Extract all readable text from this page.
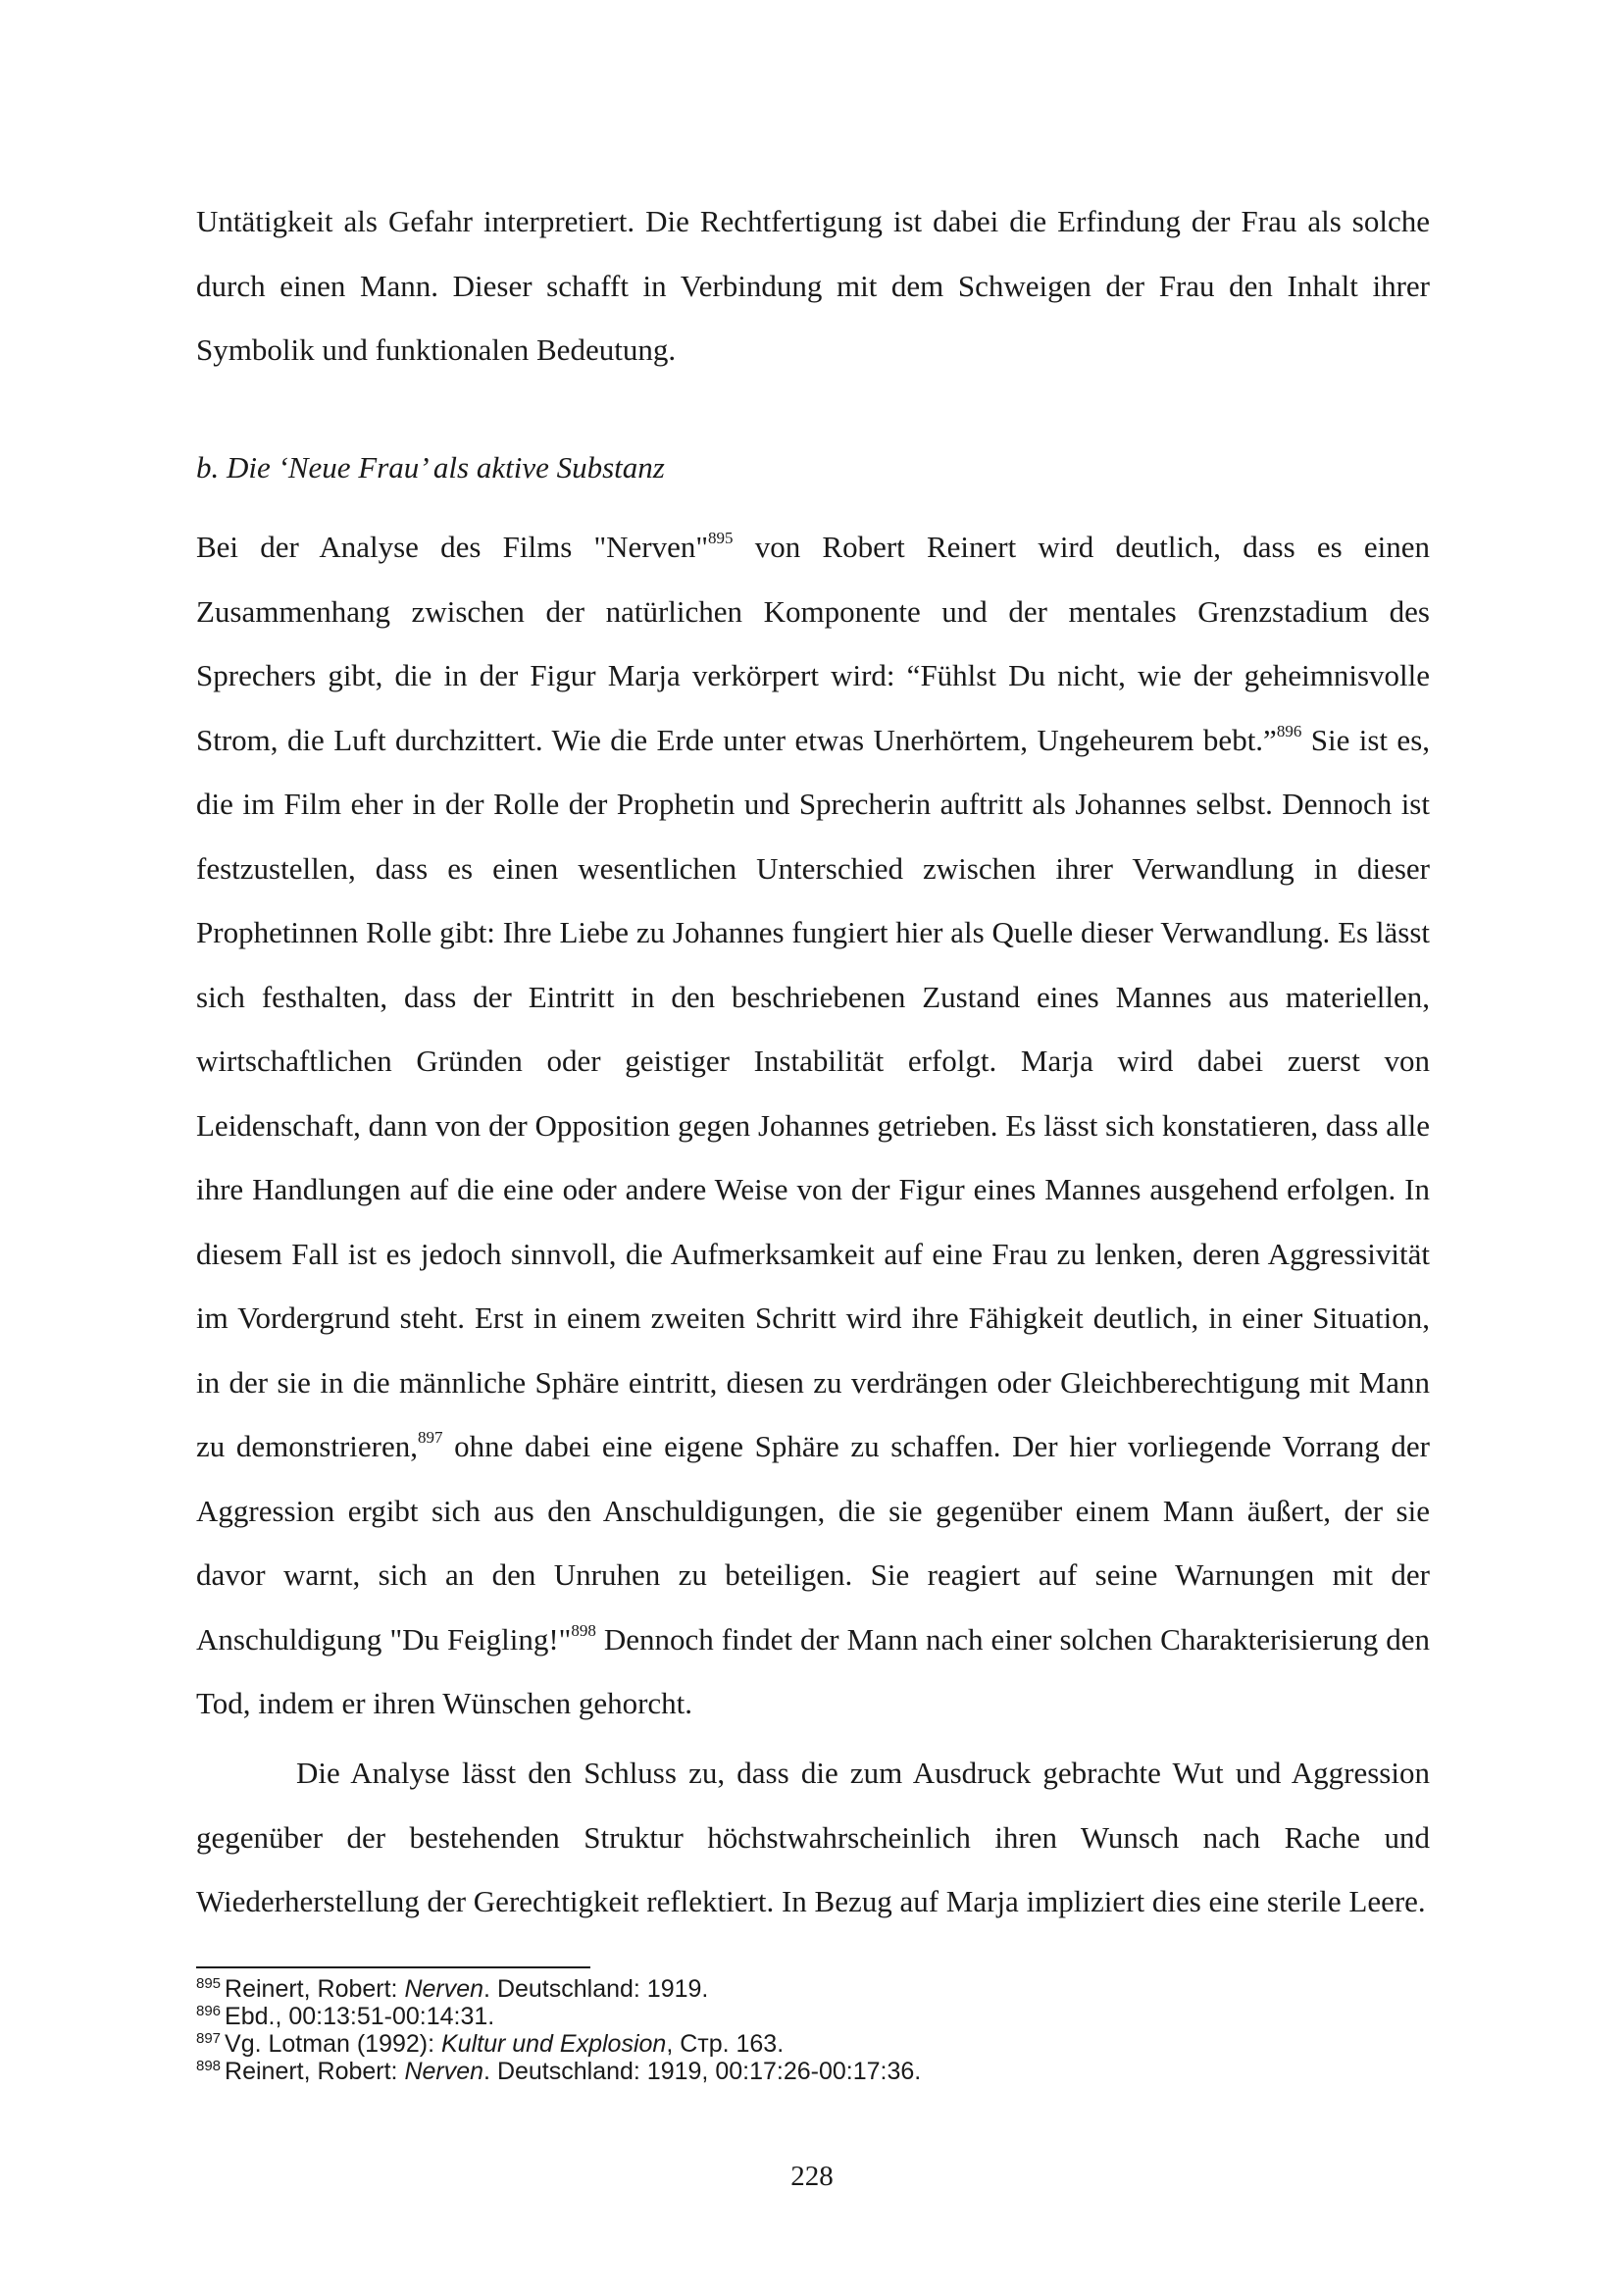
Untätigkeit als Gefahr interpretiert. Die Rechtfertigung ist dabei die Erfindung der Frau als solche durch einen Mann. Dieser schafft in Verbindung mit dem Schweigen der Frau den Inhalt ihrer Symbolik und funktionalen Bedeutung.

b. Die ‘Neue Frau’ als aktive Substanz

Bei der Analyse des Films "Nerven"$^{895}$ von Robert Reinert wird deutlich, dass es einen Zusammenhang zwischen der natürlichen Komponente und der mentales Grenzstadium des Sprechers gibt, die in der Figur Marja verkörpert wird: “Fühlst Du nicht, wie der geheimnisvolle Strom, die Luft durchzittert. Wie die Erde unter etwas Unerhörtem, Ungeheurem bebt.”$^{896}$ Sie ist es, die im Film eher in der Rolle der Prophetin und Sprecherin auftritt als Johannes selbst. Dennoch ist festzustellen, dass es einen wesentlichen Unterschied zwischen ihrer Verwandlung in dieser Prophetinnen Rolle gibt: Ihre Liebe zu Johannes fungiert hier als Quelle dieser Verwandlung. Es lässt sich festhalten, dass der Eintritt in den beschriebenen Zustand eines Mannes aus materiellen, wirtschaftlichen Gründen oder geistiger Instabilität erfolgt. Marja wird dabei zuerst von Leidenschaft, dann von der Opposition gegen Johannes getrieben. Es lässt sich konstatieren, dass alle ihre Handlungen auf die eine oder andere Weise von der Figur eines Mannes ausgehend erfolgen. In diesem Fall ist es jedoch sinnvoll, die Aufmerksamkeit auf eine Frau zu lenken, deren Aggressivität im Vordergrund steht. Erst in einem zweiten Schritt wird ihre Fähigkeit deutlich, in einer Situation, in der sie in die männliche Sphäre eintritt, diesen zu verdrängen oder Gleichberechtigung mit Mann zu demonstrieren,$^{897}$ ohne dabei eine eigene Sphäre zu schaffen. Der hier vorliegende Vorrang der Aggression ergibt sich aus den Anschuldigungen, die sie gegenüber einem Mann äußert, der sie davor warnt, sich an den Unruhen zu beteiligen. Sie reagiert auf seine Warnungen mit der Anschuldigung "Du Feigling!"$^{898}$ Dennoch findet der Mann nach einer solchen Charakterisierung den Tod, indem er ihren Wünschen gehorcht.

Die Analyse lässt den Schluss zu, dass die zum Ausdruck gebrachte Wut und Aggression gegenüber der bestehenden Struktur höchstwahrscheinlich ihren Wunsch nach Rache und Wiederherstellung der Gerechtigkeit reflektiert. In Bezug auf Marja impliziert dies eine sterile Leere.

$^{895}$ Reinert, Robert: Nerven. Deutschland: 1919.

$^{896}$ Ebd., 00:13:51-00:14:31.

$^{897}$ Vg. Lotman (1992): Kultur und Explosion, Стр. 163.

$^{898}$ Reinert, Robert: Nerven. Deutschland: 1919, 00:17:26-00:17:36.

228
